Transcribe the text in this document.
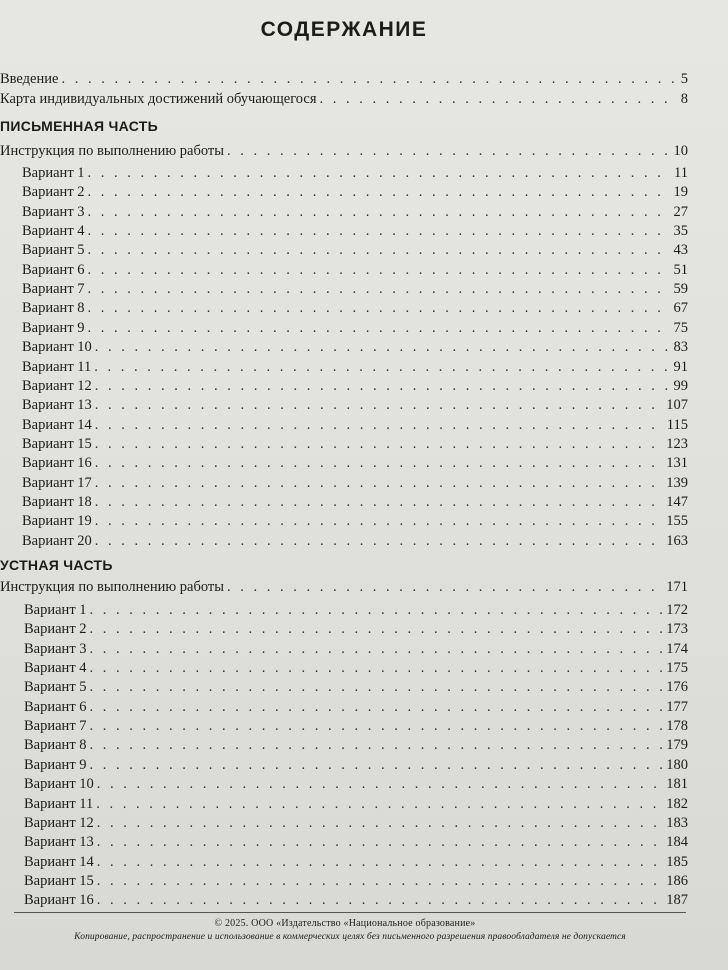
СОДЕРЖАНИЕ
Введение . . .	5
Карта индивидуальных достижений обучающегося . . .	8
ПИСЬМЕННАЯ ЧАСТЬ
Инструкция по выполнению работы . . .	10
Вариант 1 . . .	11
Вариант 2 . . .	19
Вариант 3 . . .	27
Вариант 4 . . .	35
Вариант 5 . . .	43
Вариант 6 . . .	51
Вариант 7 . . .	59
Вариант 8 . . .	67
Вариант 9 . . .	75
Вариант 10 . . .	83
Вариант 11 . . .	91
Вариант 12 . . .	99
Вариант 13 . . .	107
Вариант 14 . . .	115
Вариант 15 . . .	123
Вариант 16 . . .	131
Вариант 17 . . .	139
Вариант 18 . . .	147
Вариант 19 . . .	155
Вариант 20 . . .	163
УСТНАЯ ЧАСТЬ
Инструкция по выполнению работы . . .	171
Вариант 1 . . .	172
Вариант 2 . . .	173
Вариант 3 . . .	174
Вариант 4 . . .	175
Вариант 5 . . .	176
Вариант 6 . . .	177
Вариант 7 . . .	178
Вариант 8 . . .	179
Вариант 9 . . .	180
Вариант 10 . . .	181
Вариант 11 . . .	182
Вариант 12 . . .	183
Вариант 13 . . .	184
Вариант 14 . . .	185
Вариант 15 . . .	186
Вариант 16 . . .	187
© 2025. ООО «Издательство «Национальное образование»
Копирование, распространение и использование в коммерческих целях без письменного разрешения правообладателя не допускается
